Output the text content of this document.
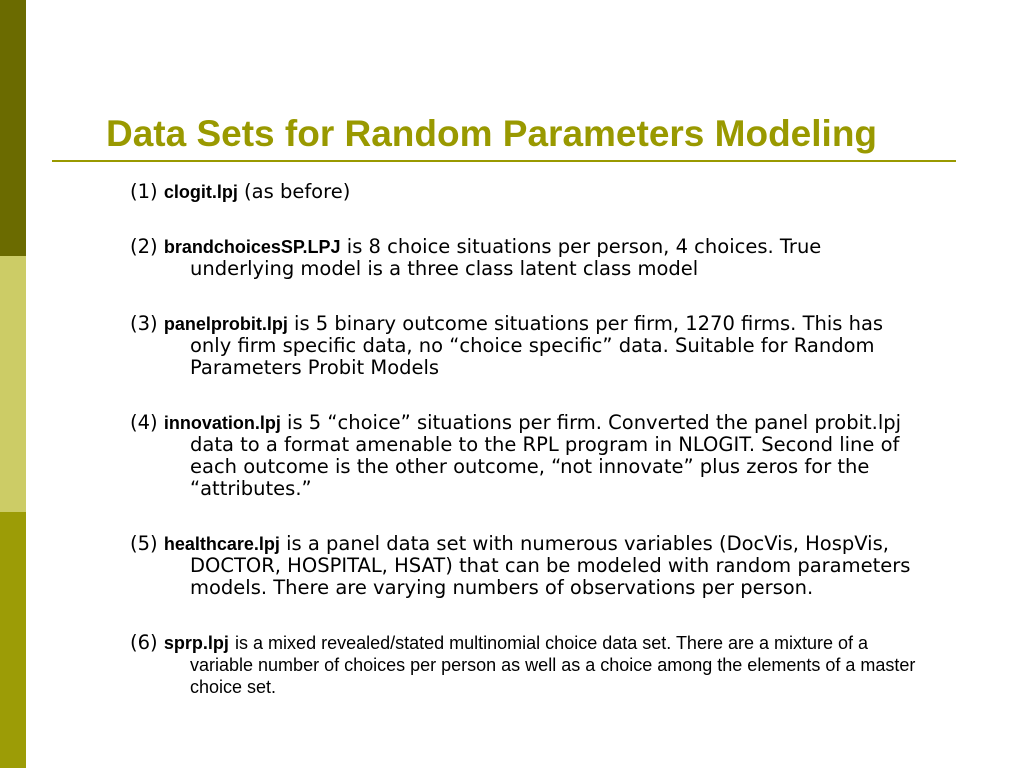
Data Sets for Random Parameters Modeling
(1) clogit.lpj (as before)
(2) brandchoicesSP.LPJ is 8 choice situations per person, 4 choices. True underlying model is a three class latent class model
(3) panelprobit.lpj is 5 binary outcome situations per firm, 1270 firms. This has only firm specific data, no “choice specific” data. Suitable for Random Parameters Probit Models
(4) innovation.lpj is 5 “choice” situations per firm. Converted the panel probit.lpj data to a format amenable to the RPL program in NLOGIT. Second line of each outcome is the other outcome, “not innovate” plus zeros for the “attributes.”
(5) healthcare.lpj is a panel data set with numerous variables (DocVis, HospVis, DOCTOR, HOSPITAL, HSAT) that can be modeled with random parameters models. There are varying numbers of observations per person.
(6) sprp.lpj is a mixed revealed/stated multinomial choice data set. There are a mixture of a variable number of choices per person as well as a choice among the elements of a master choice set.
